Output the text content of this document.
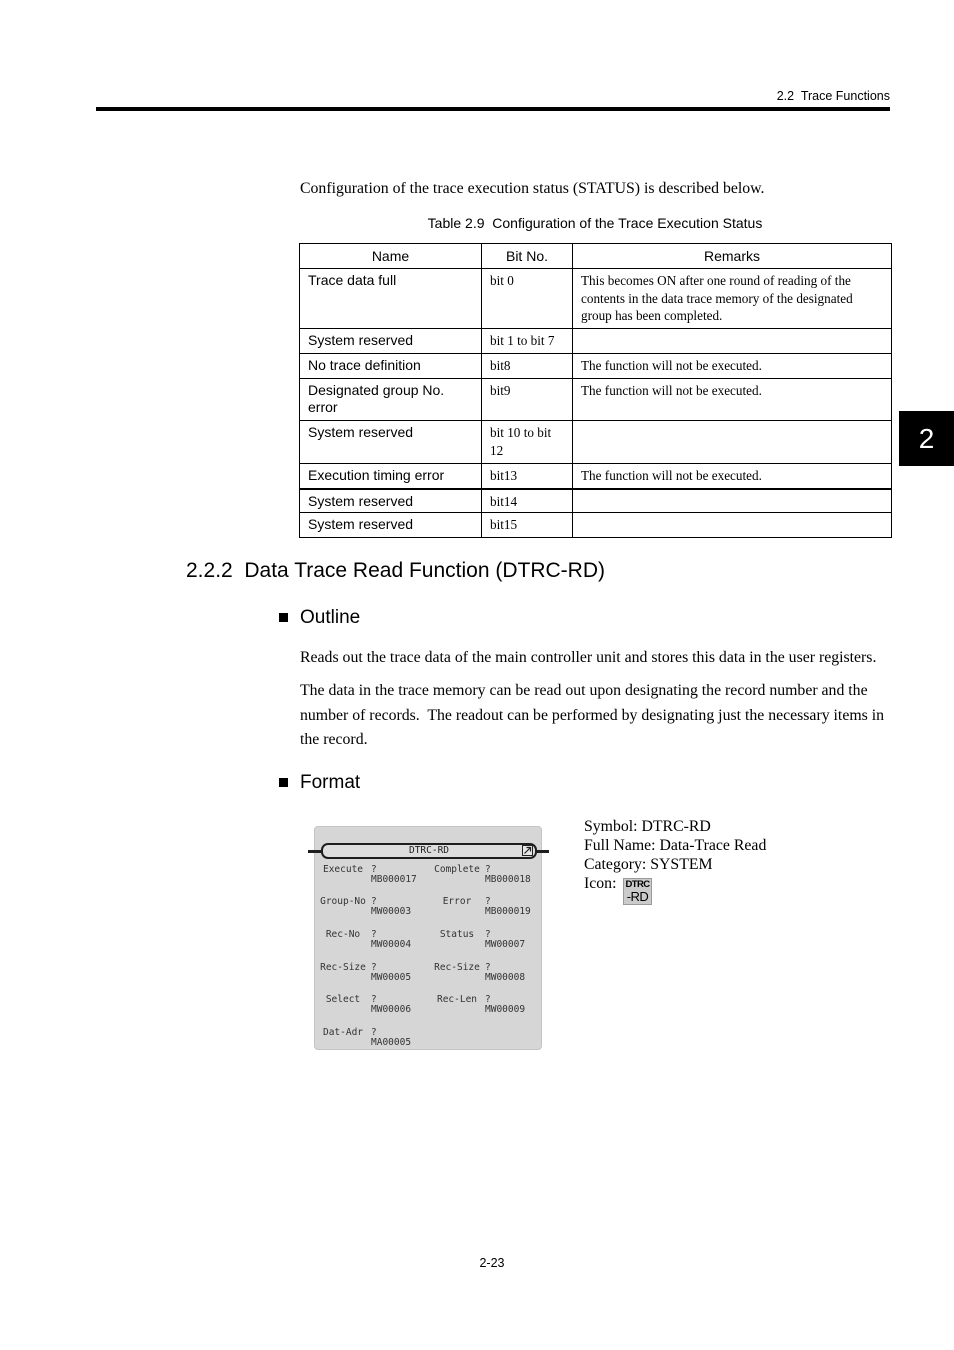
2.2  Trace Functions
2
Configuration of the trace execution status (STATUS) is described below.
Table 2.9  Configuration of the Trace Execution Status
Name	Bit No.	Remarks
Trace data full	bit 0	This becomes ON after one round of reading of the contents in the data trace memory of the designated group has been completed.
System reserved	bit 1 to bit 7	
No trace definition	bit8	The function will not be executed.
Designated group No. error	bit9	The function will not be executed.
System reserved	bit 10 to bit 12	
Execution timing error	bit13	The function will not be executed.
System reserved	bit14	
System reserved	bit15	
2.2.2  Data Trace Read Function (DTRC-RD)
Outline
Reads out the trace data of the main controller unit and stores this data in the user registers.
The data in the trace memory can be read out upon designating the record number and the
number of records.  The readout can be performed by designating just the necessary items in
the record.
Format
DTRC-RD
Execute ?
MB000017
Group-No ?
MW00003
Rec-No	?
MW00004
Rec-Size ?
MW00005
Select	?
MW00006
Dat-Adr ?
MA00005
Complete ?
MB000018
Error	?
MB000019
Status	?
MW00007
Rec-Size ?
MW00008
Rec-Len ?
MW00009
Symbol: DTRC-RD
Full Name: Data-Trace Read
Category: SYSTEM
Icon: DTRC
-RD
2-23
